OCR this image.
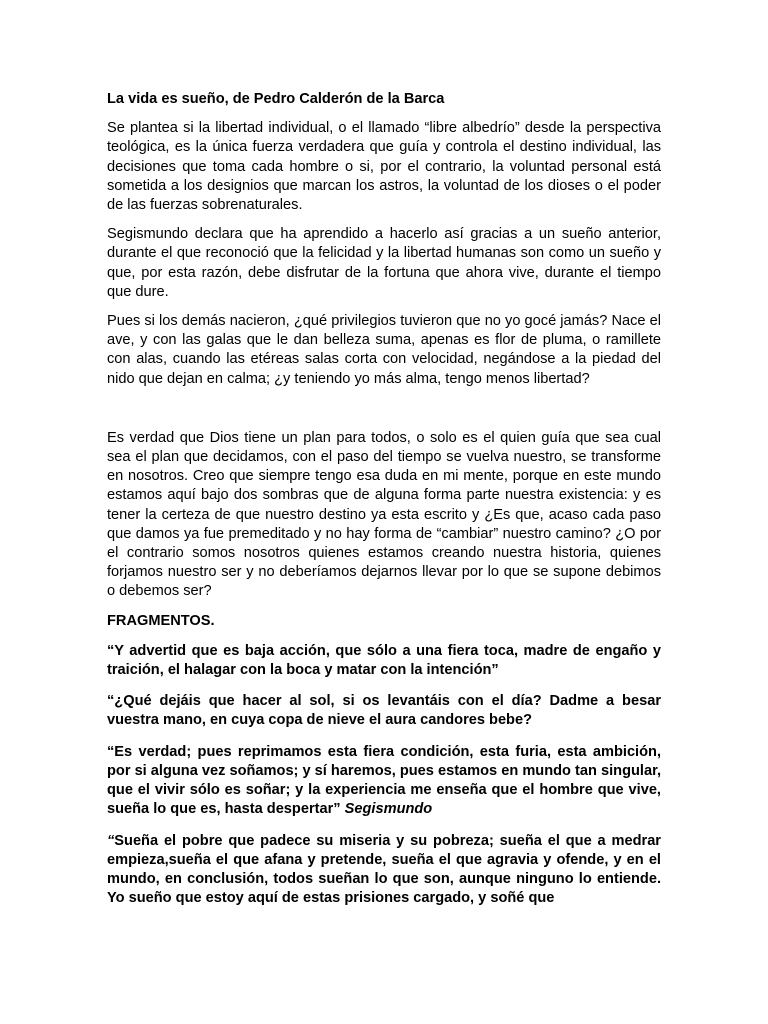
La vida es sueño, de Pedro Calderón de la Barca

Se plantea si la libertad individual, o el llamado “libre albedrío” desde la perspectiva teológica, es la única fuerza verdadera que guía y controla el destino individual, las decisiones que toma cada hombre o si, por el contrario, la voluntad personal está sometida a los designios que marcan los astros, la voluntad de los dioses o el poder de las fuerzas sobrenaturales.

Segismundo declara que ha aprendido a hacerlo así gracias a un sueño anterior, durante el que reconoció que la felicidad y la libertad humanas son como un sueño y que, por esta razón, debe disfrutar de la fortuna que ahora vive, durante el tiempo que dure.

Pues si los demás nacieron, ¿qué privilegios tuvieron que no yo gocé jamás? Nace el ave, y con las galas que le dan belleza suma, apenas es flor de pluma, o ramillete con alas, cuando las etéreas salas corta con velocidad, negándose a la piedad del nido que dejan en calma; ¿y teniendo yo más alma, tengo menos libertad?

Es verdad que Dios tiene un plan para todos, o solo es el quien guía que sea cual sea el plan que decidamos, con el paso del tiempo se vuelva nuestro, se transforme en nosotros. Creo que siempre tengo esa duda en mi mente, porque en este mundo estamos aquí bajo dos sombras que de alguna forma parte nuestra existencia: y es tener la certeza de que nuestro destino ya esta escrito y ¿Es que, acaso cada paso que damos ya fue premeditado y no hay forma de “cambiar” nuestro camino? ¿O por el contrario somos nosotros quienes estamos creando nuestra historia, quienes forjamos nuestro ser y no deberíamos dejarnos llevar por lo que se supone debimos o debemos ser?

FRAGMENTOS.

“Y advertid que es baja acción, que sólo a una fiera toca, madre de engaño y traición, el halagar con la boca y matar con la intención”

“¿Qué dejáis que hacer al sol, si os levantáis con el día? Dadme a besar vuestra mano, en cuya copa de nieve el aura candores bebe?

“Es verdad; pues reprimamos esta fiera condición, esta furia, esta ambición, por si alguna vez soñamos; y sí haremos, pues estamos en mundo tan singular, que el vivir sólo es soñar; y la experiencia me enseña que el hombre que vive, sueña lo que es, hasta despertar” Segismundo

“Sueña el pobre que padece su miseria y su pobreza; sueña el que a medrar empieza,sueña el que afana y pretende, sueña el que agravia y ofende, y en el mundo, en conclusión, todos sueñan lo que son, aunque ninguno lo entiende. Yo sueño que estoy aquí de estas prisiones cargado, y soñé que
